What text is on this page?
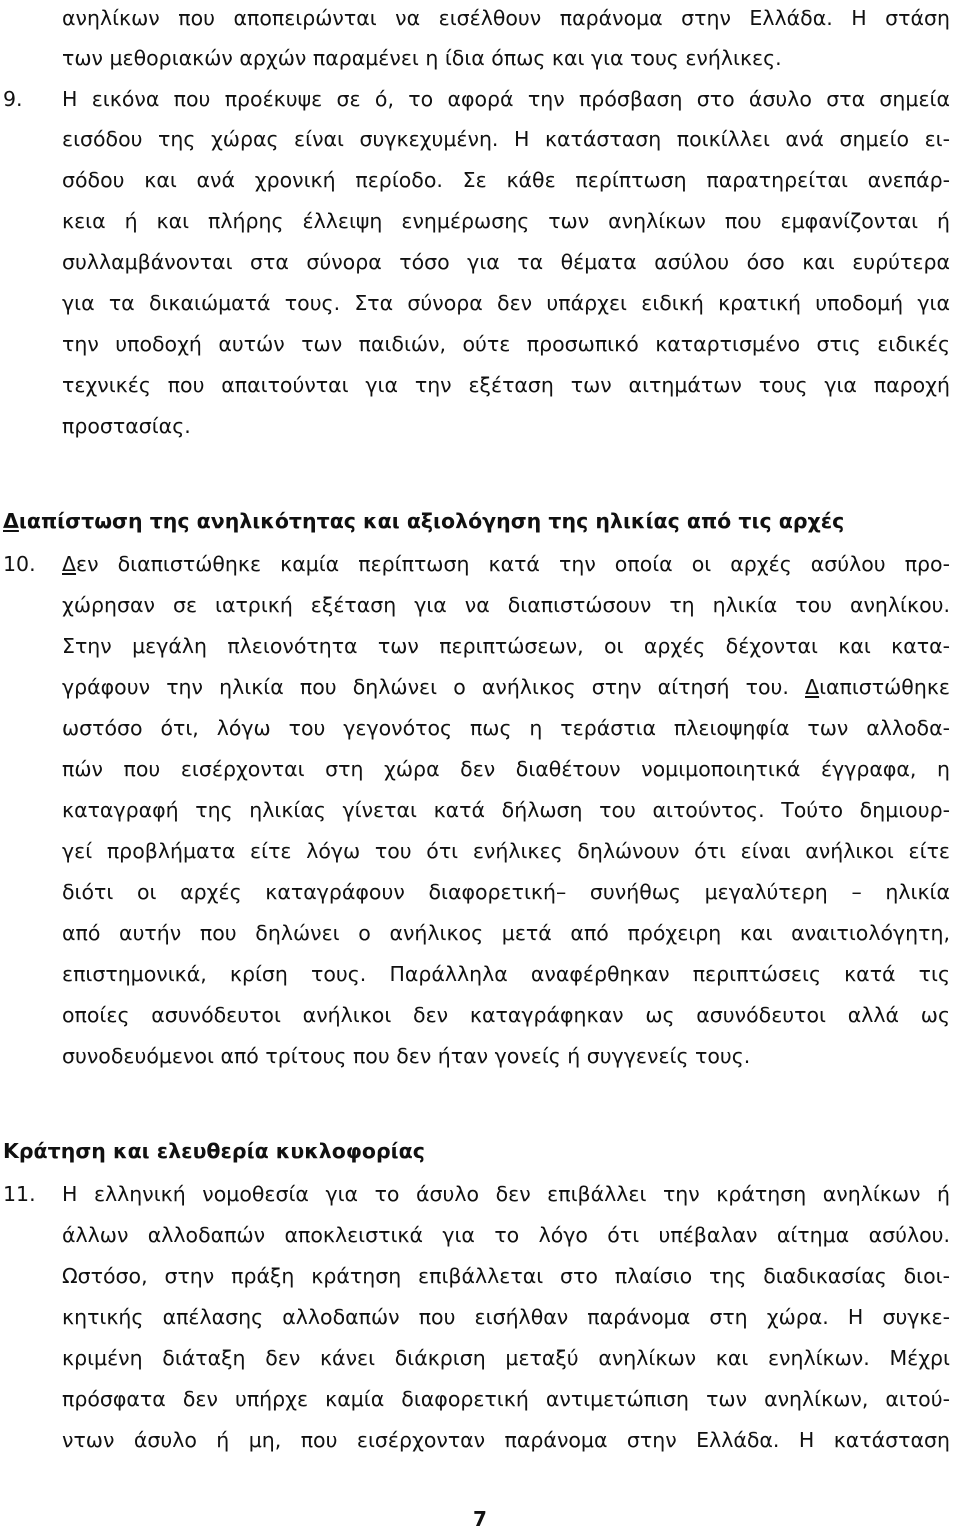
ανηλίκων που αποπειρώνται να εισέλθουν παράνομα στην Ελλάδα. Η στάση
των μεθοριακών αρχών παραμένει η ίδια όπως και για τους ενήλικες.
9. Η εικόνα που προέκυψε σε ό, το αφορά την πρόσβαση στο άσυλο στα σημεία
εισόδου της χώρας είναι συγκεχυμένη. Η κατάσταση ποικίλλει ανά σημείο ει-
σόδου και ανά χρονική περίοδο. Σε κάθε περίπτωση παρατηρείται ανεπάρ-
κεια ή και πλήρης έλλειψη ενημέρωσης των ανηλίκων που εμφανίζονται ή
συλλαμβάνονται στα σύνορα τόσο για τα θέματα ασύλου όσο και ευρύτερα
για τα δικαιώματά τους. Στα σύνορα δεν υπάρχει ειδική κρατική υποδομή για
την υποδοχή αυτών των παιδιών, ούτε προσωπικό καταρτισμένο στις ειδικές
τεχνικές που απαιτούνται για την εξέταση των αιτημάτων τους για παροχή
προστασίας.
Διαπίστωση της ανηλικότητας και αξιολόγηση της ηλικίας από τις αρχές
10. Δεν διαπιστώθηκε καμία περίπτωση κατά την οποία οι αρχές ασύλου προ-
χώρησαν σε ιατρική εξέταση για να διαπιστώσουν τη ηλικία του ανηλίκου.
Στην μεγάλη πλειονότητα των περιπτώσεων, οι αρχές δέχονται και κατα-
γράφουν την ηλικία που δηλώνει ο ανήλικος στην αίτησή του. Διαπιστώθηκε
ωστόσο ότι, λόγω του γεγονότος πως η τεράστια πλειοψηφία των αλλοδα-
πών που εισέρχονται στη χώρα δεν διαθέτουν νομιμοποιητικά έγγραφα, η
καταγραφή της ηλικίας γίνεται κατά δήλωση του αιτούντος. Τούτο δημιουρ-
γεί προβλήματα είτε λόγω του ότι ενήλικες δηλώνουν ότι είναι ανήλικοι είτε
διότι οι αρχές καταγράφουν διαφορετική– συνήθως μεγαλύτερη – ηλικία
από αυτήν που δηλώνει ο ανήλικος μετά από πρόχειρη και αναιτιολόγητη,
επιστημονικά, κρίση τους. Παράλληλα αναφέρθηκαν περιπτώσεις κατά τις
οποίες ασυνόδευτοι ανήλικοι δεν καταγράφηκαν ως ασυνόδευτοι αλλά ως
συνοδευόμενοι από τρίτους που δεν ήταν γονείς ή συγγενείς τους.
Κράτηση και ελευθερία κυκλοφορίας
11. Η ελληνική νομοθεσία για το άσυλο δεν επιβάλλει την κράτηση ανηλίκων ή
άλλων αλλοδαπών αποκλειστικά για το λόγο ότι υπέβαλαν αίτημα ασύλου.
Ωστόσο, στην πράξη κράτηση επιβάλλεται στο πλαίσιο της διαδικασίας διοι-
κητικής απέλασης αλλοδαπών που εισήλθαν παράνομα στη χώρα. Η συγκε-
κριμένη διάταξη δεν κάνει διάκριση μεταξύ ανηλίκων και ενηλίκων. Μέχρι
πρόσφατα δεν υπήρχε καμία διαφορετική αντιμετώπιση των ανηλίκων, αιτού-
ντων άσυλο ή μη, που εισέρχονταν παράνομα στην Ελλάδα. Η κατάσταση
7
